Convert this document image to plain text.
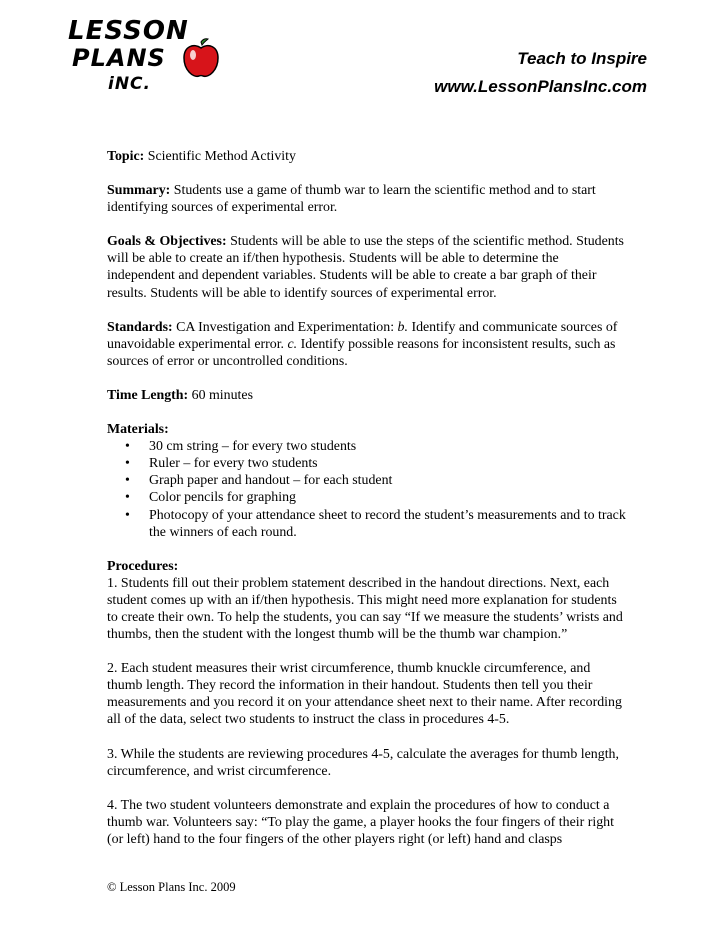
LESSON
PLANS
iNC.
Teach to Inspire
www.LessonPlansInc.com

Topic: Scientific Method Activity

Summary: Students use a game of thumb war to learn the scientific method and to start identifying sources of experimental error.

Goals & Objectives: Students will be able to use the steps of the scientific method. Students will be able to create an if/then hypothesis. Students will be able to determine the independent and dependent variables. Students will be able to create a bar graph of their results. Students will be able to identify sources of experimental error.

Standards: CA Investigation and Experimentation: b. Identify and communicate sources of unavoidable experimental error. c. Identify possible reasons for inconsistent results, such as sources of error or uncontrolled conditions.

Time Length: 60 minutes

Materials:
• 30 cm string – for every two students
• Ruler – for every two students
• Graph paper and handout – for each student
• Color pencils for graphing
• Photocopy of your attendance sheet to record the student’s measurements and to track the winners of each round.
Procedures:

1. Students fill out their problem statement described in the handout directions. Next, each student comes up with an if/then hypothesis. This might need more explanation for students to create their own. To help the students, you can say “If we measure the students’ wrists and thumbs, then the student with the longest thumb will be the thumb war champion.”

2. Each student measures their wrist circumference, thumb knuckle circumference, and thumb length. They record the information in their handout. Students then tell you their measurements and you record it on your attendance sheet next to their name. After recording all of the data, select two students to instruct the class in procedures 4-5.

3. While the students are reviewing procedures 4-5, calculate the averages for thumb length, circumference, and wrist circumference.

4. The two student volunteers demonstrate and explain the procedures of how to conduct a thumb war. Volunteers say: “To play the game, a player hooks the four fingers of their right (or left) hand to the four fingers of the other players right (or left) hand and clasps

© Lesson Plans Inc. 2009
